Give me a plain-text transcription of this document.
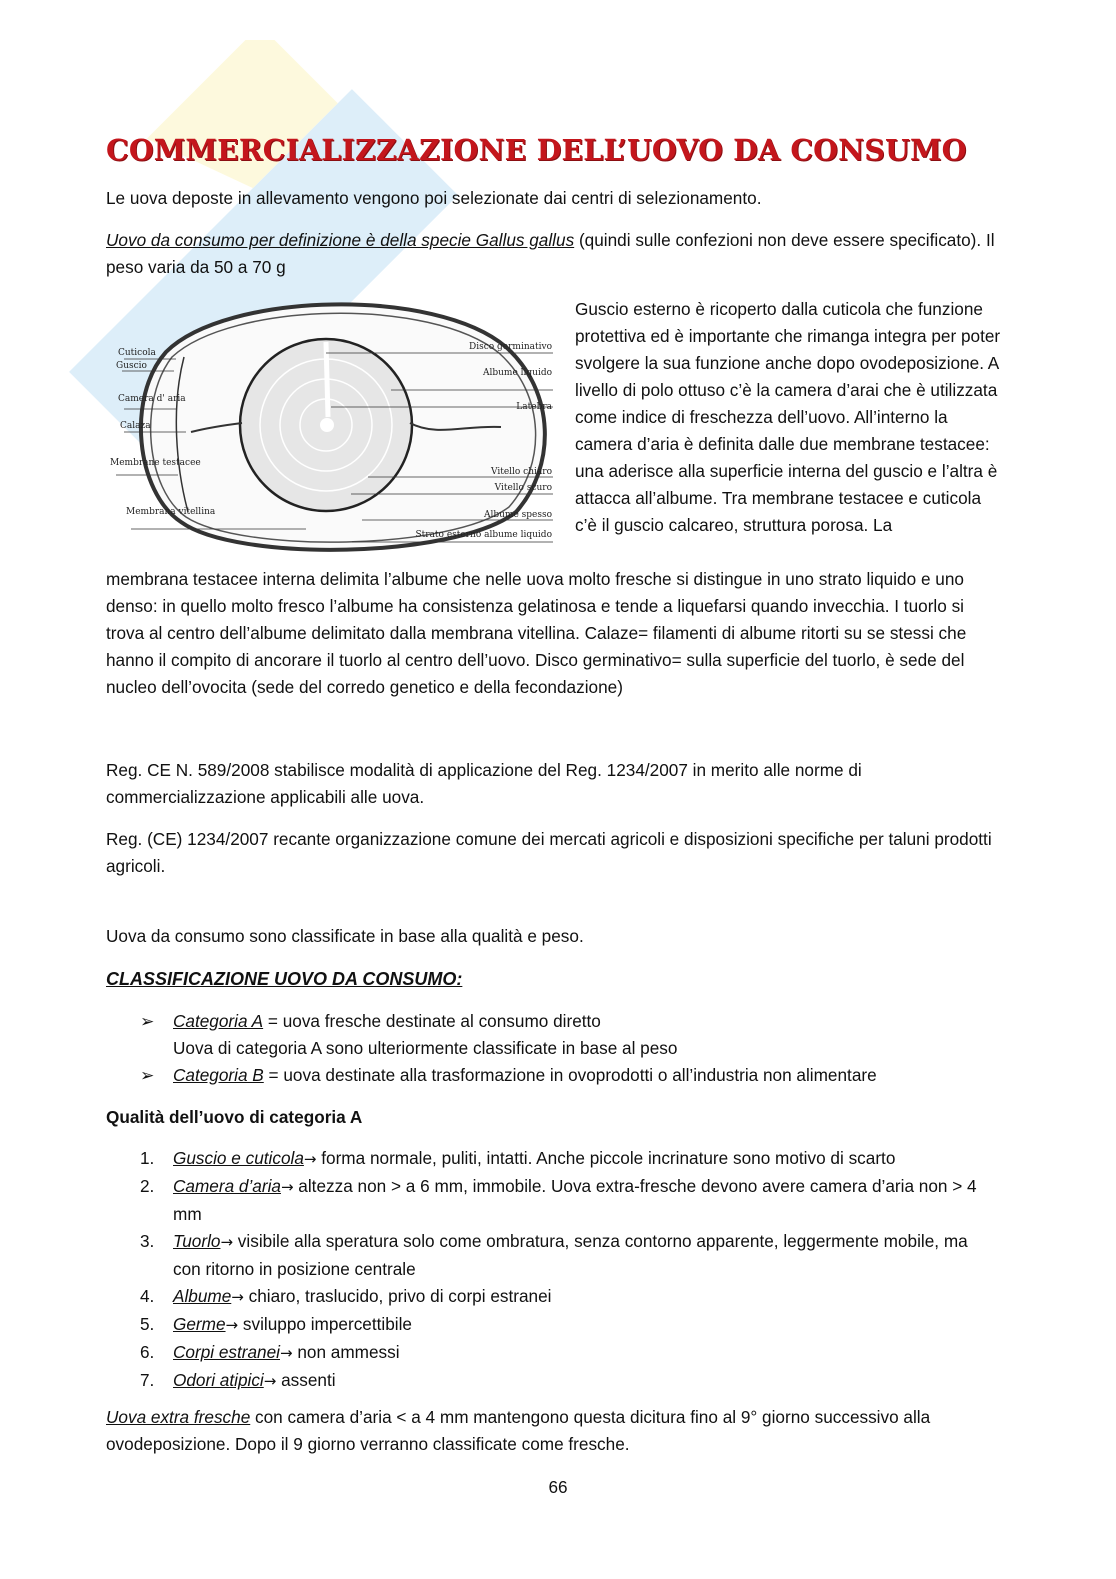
COMMERCIALIZZAZIONE DELL’UOVO DA CONSUMO

Le uova deposte in allevamento vengono poi selezionate dai centri di selezionamento.

Uovo da consumo per definizione è della specie Gallus gallus (quindi sulle confezioni non deve essere specificato). Il peso varia da 50 a 70 g

Cuticola
Guscio
Camera d' aria
Calaza
Membrane testacee
Membrana vitellina
Disco germinativo
Albume liquido
Latebra
Vitello chiaro
Vitello scuro
Albume spesso
Strato esterno albume liquido

Guscio esterno è ricoperto dalla cuticola che funzione protettiva ed è importante che rimanga integra per poter svolgere la sua funzione anche dopo ovodeposizione. A livello di polo ottuso c’è la camera d’arai che è utilizzata come indice di freschezza dell’uovo. All’interno la camera d’aria è definita dalle due membrane testacee: una aderisce alla superficie interna del guscio e l’altra è attacca all’albume. Tra membrane testacee e cuticola c’è il guscio calcareo, struttura porosa. La

membrana testacee interna delimita l’albume che nelle uova molto fresche si distingue in uno strato liquido e uno denso: in quello molto fresco l’albume ha consistenza gelatinosa e tende a liquefarsi quando invecchia. I tuorlo si trova al centro dell’albume delimitato dalla membrana vitellina. Calaze= filamenti di albume ritorti su se stessi che hanno il compito di ancorare il tuorlo al centro dell’uovo. Disco germinativo= sulla superficie del tuorlo, è sede del nucleo dell’ovocita (sede del corredo genetico e della fecondazione)

Reg. CE N. 589/2008 stabilisce modalità di applicazione del Reg. 1234/2007 in merito alle norme di commercializzazione applicabili alle uova.

Reg. (CE) 1234/2007 recante organizzazione comune dei mercati agricoli e disposizioni specifiche per taluni prodotti agricoli.

Uova da consumo sono classificate in base alla qualità e peso.

CLASSIFICAZIONE UOVO DA CONSUMO:

➢ Categoria A = uova fresche destinate al consumo diretto
Uova di categoria A sono ulteriormente classificate in base al peso
➢ Categoria B = uova destinate alla trasformazione in ovoprodotti o all’industria non alimentare

Qualità dell’uovo di categoria A

1. Guscio e cuticola→ forma normale, puliti, intatti. Anche piccole incrinature sono motivo di scarto
2. Camera d’aria→ altezza non > a 6 mm, immobile. Uova extra-fresche devono avere camera d’aria non > 4 mm
3. Tuorlo→ visibile alla speratura solo come ombratura, senza contorno apparente, leggermente mobile, ma con ritorno in posizione centrale
4. Albume→ chiaro, traslucido, privo di corpi estranei
5. Germe→ sviluppo impercettibile
6. Corpi estranei→ non ammessi
7. Odori atipici→ assenti

Uova extra fresche con camera d’aria < a 4 mm mantengono questa dicitura fino al 9° giorno successivo alla ovodeposizione. Dopo il 9 giorno verranno classificate come fresche.

66
